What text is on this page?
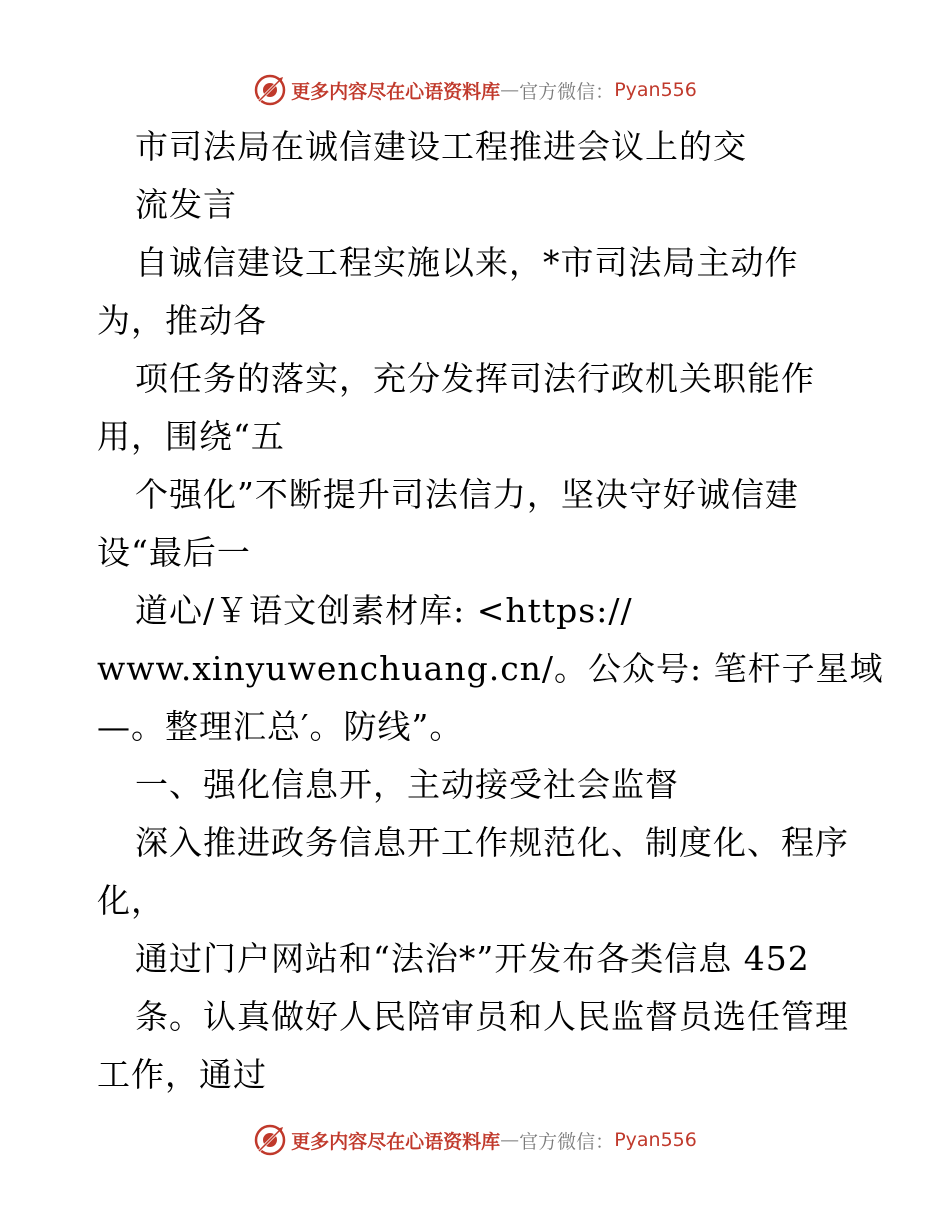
更多内容尽在心语资料库 — 官方微信： Pyan556
市司法局在诚信建设工程推进会议上的交
流发言
自诚信建设工程实施以来，*市司法局主动作
为，推动各
项任务的落实，充分发挥司法行政机关职能作
用，围绕“五
个强化”不断提升司法信力，坚决守好诚信建
设“最后一
道心/￥语文创素材库: <https://
www.xinyuwenchuang.cn/。公众号: 笔杆子星域
—。整理汇总′。防线”。
一、强化信息开，主动接受社会监督
深入推进政务信息开工作规范化、制度化、程序
化，
通过门户网站和“法治*”开发布各类信息 452
条。认真做好人民陪审员和人民监督员选任管理
工作，通过
更多内容尽在心语资料库 — 官方微信： Pyan556
